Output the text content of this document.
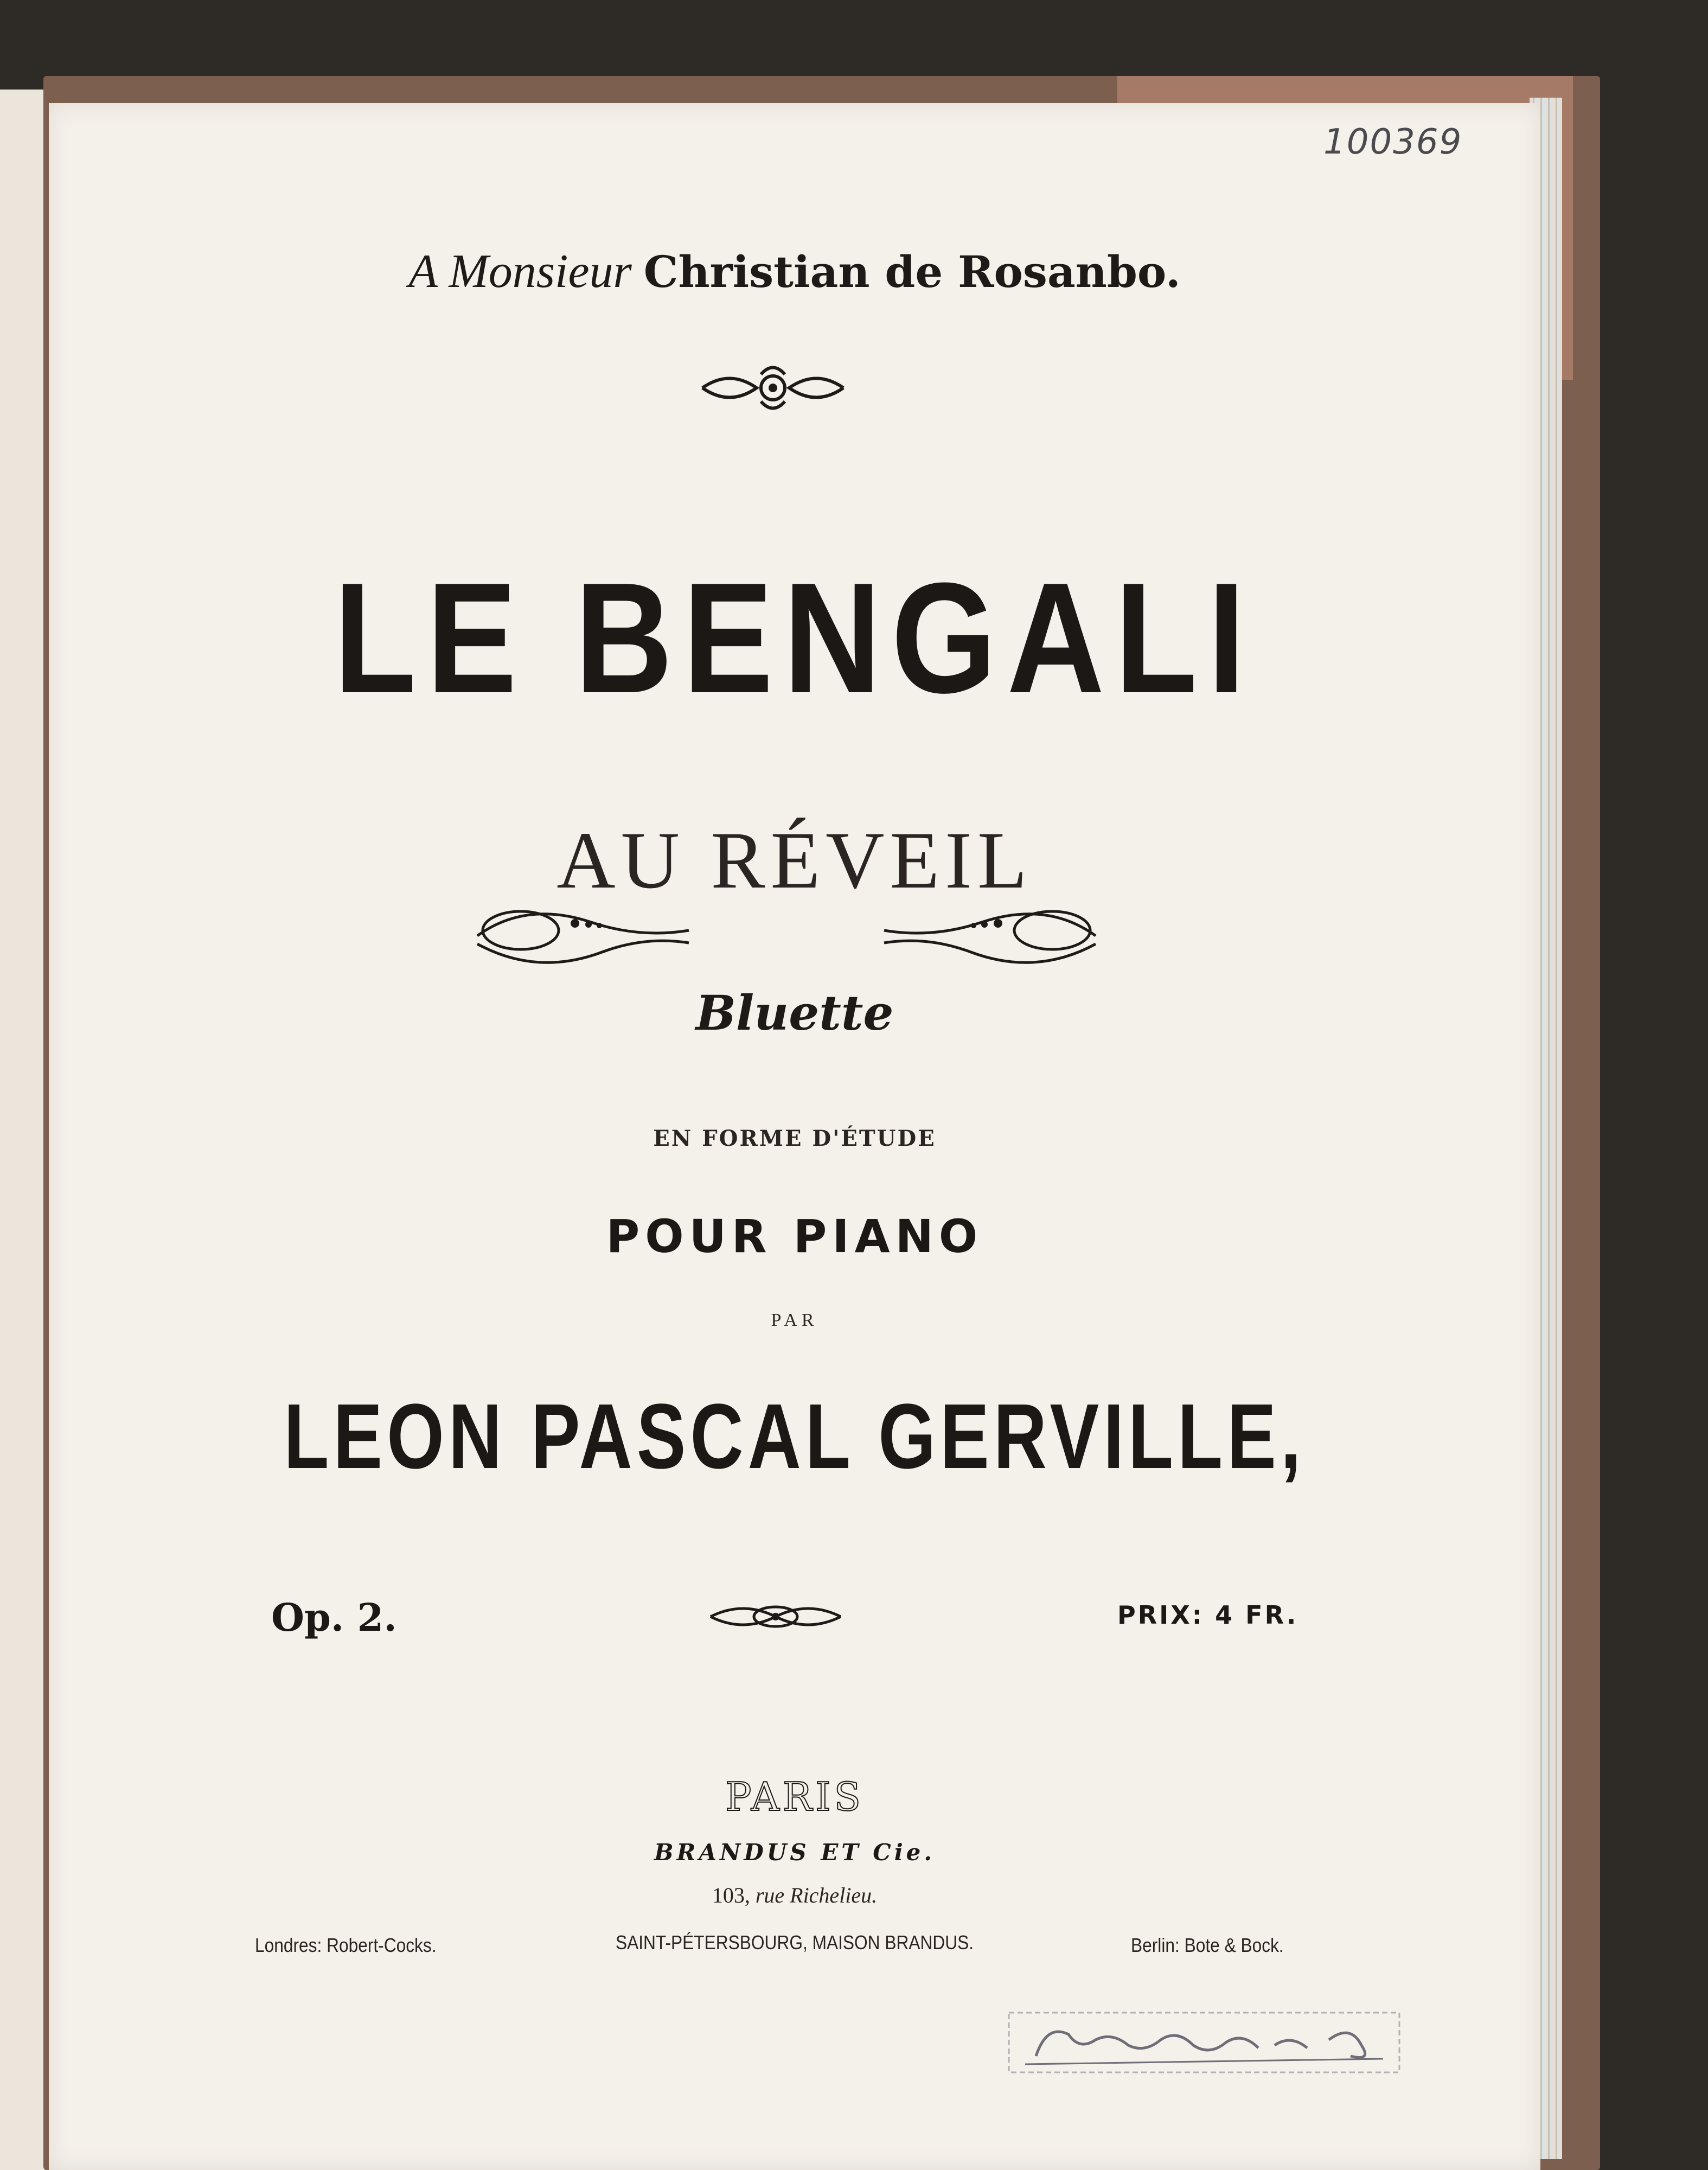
100369
A Monsieur Christian de Rosanbo.
LE BENGALI
AU RÉVEIL
Bluette
EN FORME D'ÉTUDE
POUR PIANO
PAR
LEON PASCAL GERVILLE,
Op. 2.	PRIX: 4 FR.
PARIS
BRANDUS ET Cie.
103, rue Richelieu.
Londres: Robert-Cocks.	SAINT-PÉTERSBOURG, MAISON BRANDUS.	Berlin: Bote & Bock.
